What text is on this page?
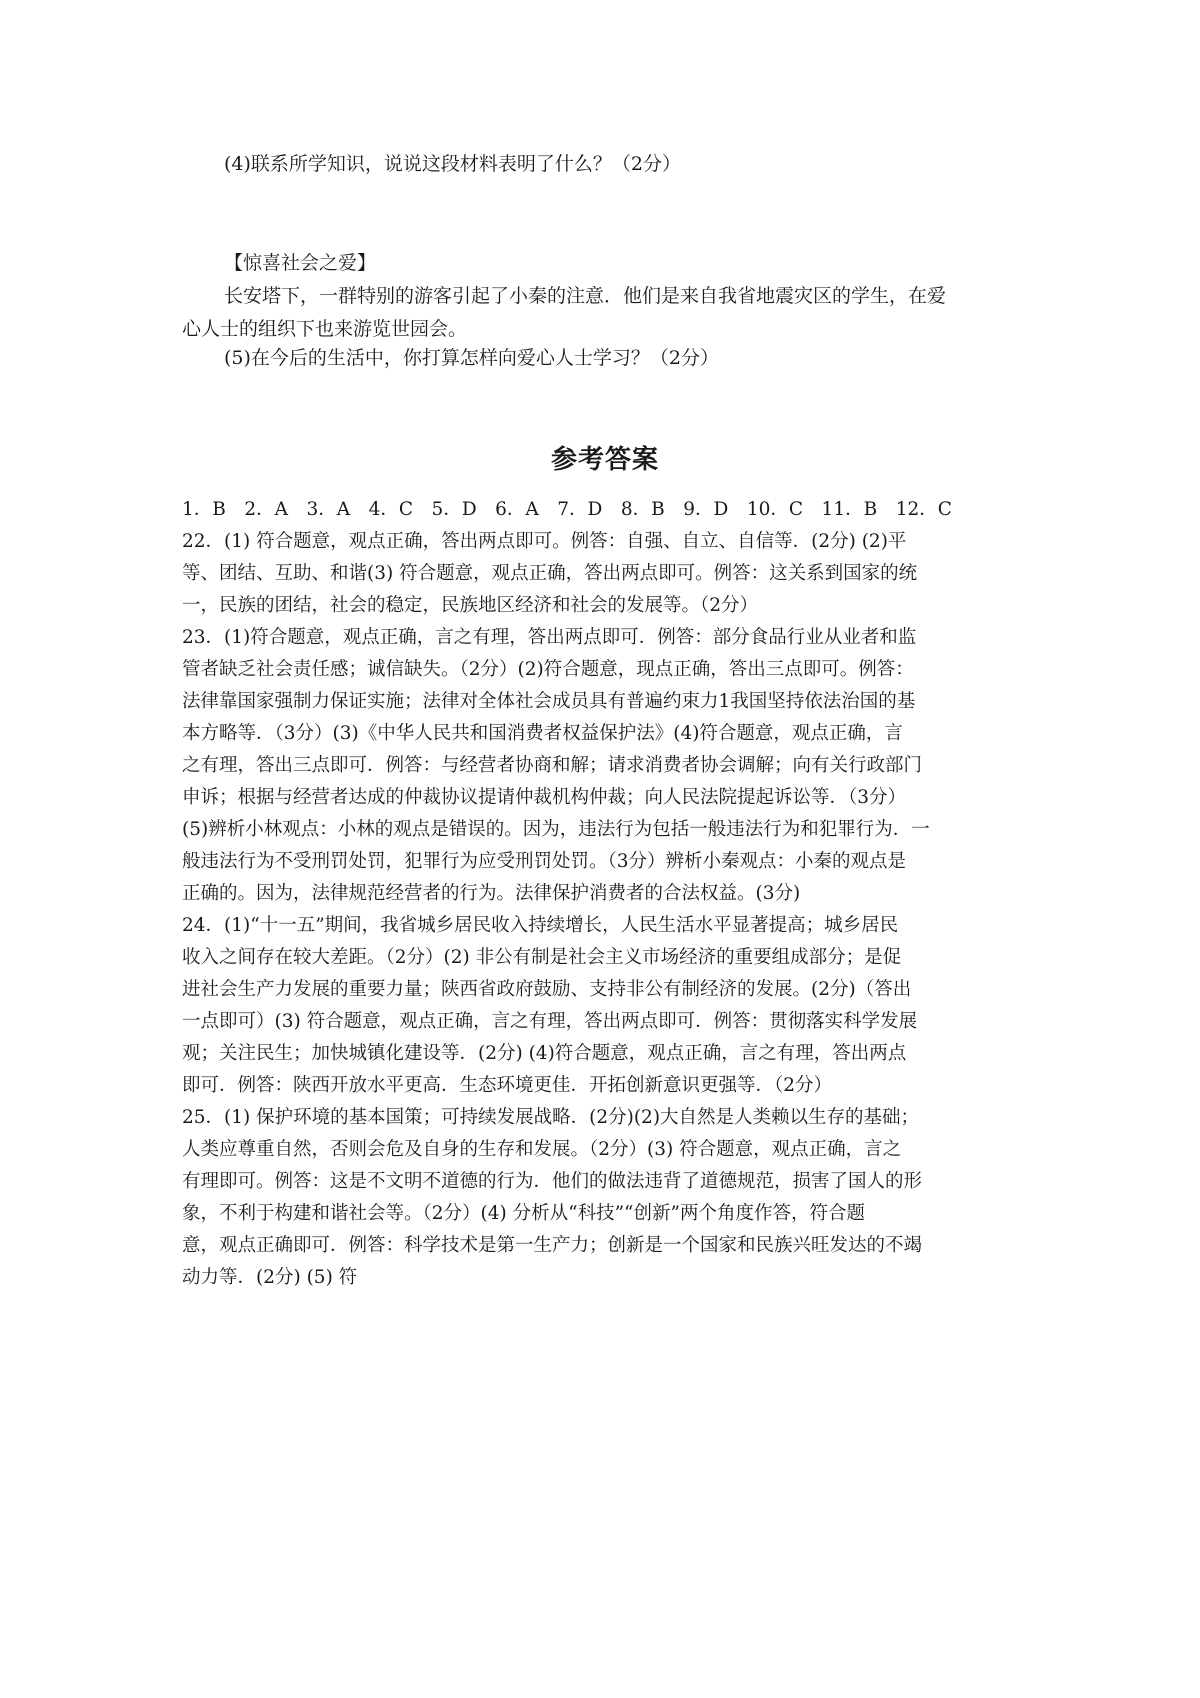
(4)联系所学知识，说说这段材料表明了什么？（2分）

【惊喜社会之爱】

长安塔下，一群特别的游客引起了小秦的注意．他们是来自我省地震灾区的学生，在爱

心人士的组织下也来游览世园会。

(5)在今后的生活中，你打算怎样向爱心人士学习？（2分）

参考答案

1．B　2．A　3．A　4．C　5．D　6．A　7．D　8．B　9．D　10．C　11．B　12．C

22．(1) 符合题意，观点正确，答出两点即可。例答：自强、自立、自信等．(2分) (2)平

等、团结、互助、和谐(3) 符合题意，观点正确，答出两点即可。例答：这关系到国家的统

一，民族的团结，社会的稳定，民族地区经济和社会的发展等。（2分）

23．(1)符合题意，观点正确，言之有理，答出两点即可．例答：部分食品行业从业者和监

管者缺乏社会责任感；诚信缺失。（2分）(2)符合题意，现点正确，答出三点即可。例答：

法律靠国家强制力保证实施；法律对全体社会成员具有普遍约束力1我国坚持依法治国的基

本方略等．（3分）(3)《中华人民共和国消费者权益保护法》(4)符合题意，观点正确，言

之有理，答出三点即可．例答：与经营者协商和解；请求消费者协会调解；向有关行政部门

申诉；根据与经营者达成的仲裁协议提请仲裁机构仲裁；向人民法院提起诉讼等．（3分）

(5)辨析小林观点：小林的观点是错误的。因为，违法行为包括一般违法行为和犯罪行为．一

般违法行为不受刑罚处罚，犯罪行为应受刑罚处罚。（3分）辨析小秦观点：小秦的观点是

正确的。因为，法律规范经营者的行为。法律保护消费者的合法权益。(3分)

24．(1)“十一五”期间，我省城乡居民收入持续增长，人民生活水平显著提高；城乡居民

收入之间存在较大差距。（2分）(2) 非公有制是社会主义市场经济的重要组成部分；是促

进社会生产力发展的重要力量；陕西省政府鼓励、支持非公有制经济的发展。(2分)（答出

一点即可）(3) 符合题意，观点正确，言之有理，答出两点即可．例答：贯彻落实科学发展

观；关注民生；加快城镇化建设等．(2分) (4)符合题意，观点正确，言之有理，答出两点

即可．例答：陕西开放水平更高．生态环境更佳．开拓创新意识更强等．（2分）

25．(1) 保护环境的基本国策；可持续发展战略．(2分)(2)大自然是人类赖以生存的基础；

人类应尊重自然，否则会危及自身的生存和发展。（2分）(3) 符合题意，观点正确，言之

有理即可。例答：这是不文明不道德的行为．他们的做法违背了道德规范，损害了国人的形

象，不利于构建和谐社会等。（2分）(4) 分析从“科技”“创新”两个角度作答，符合题

意，观点正确即可．例答：科学技术是第一生产力；创新是一个国家和民族兴旺发达的不竭

动力等．(2分) (5) 符
